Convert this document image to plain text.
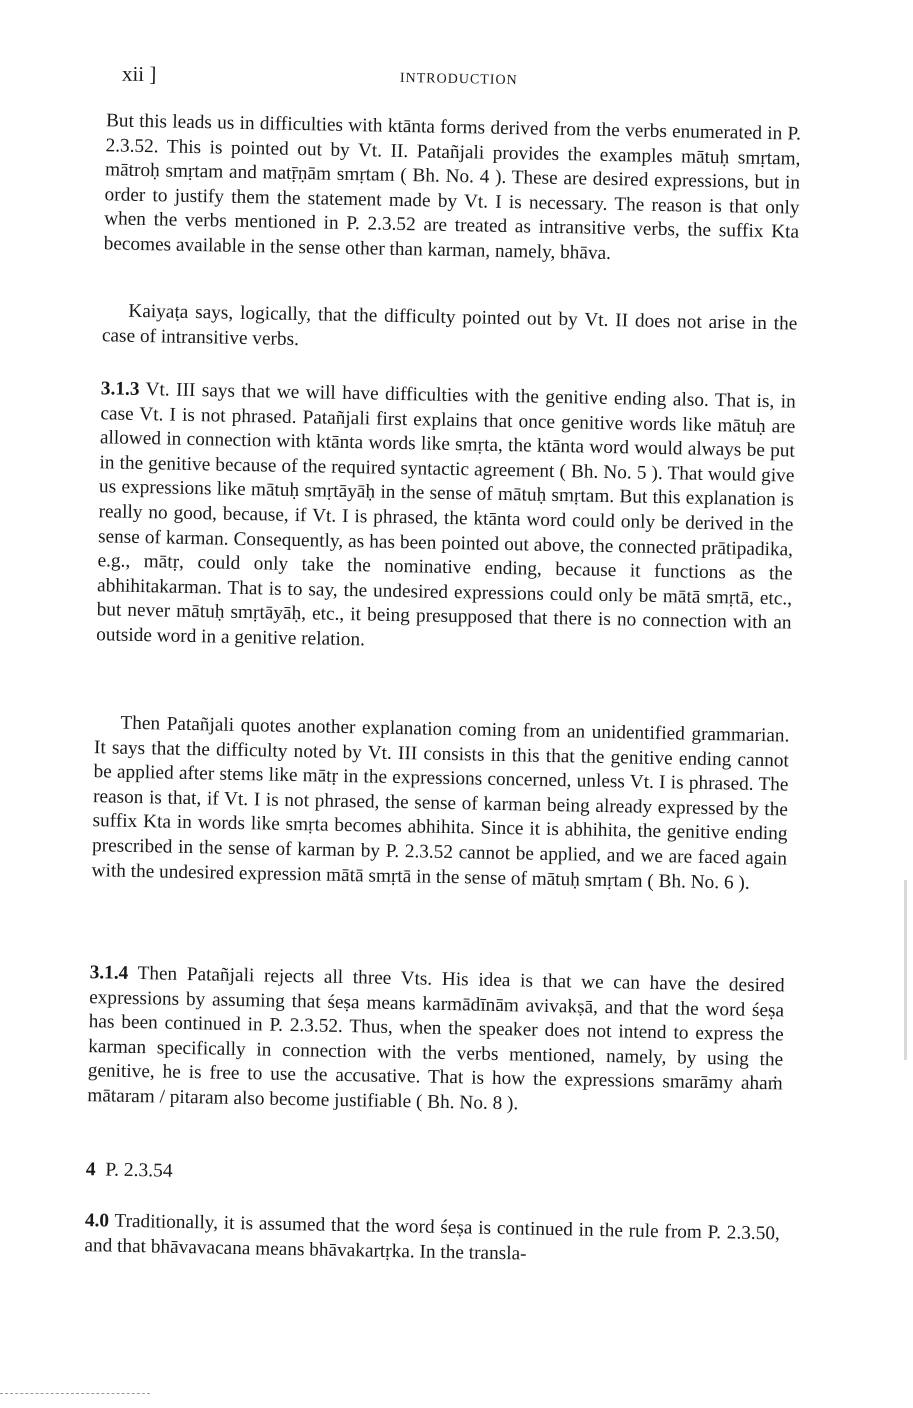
xii ]	INTRODUCTION

But this leads us in difficulties with ktānta forms derived from the verbs enumerated in P. 2.3.52. This is pointed out by Vt. II. Patañjali provides the examples mātuḥ smṛtam, mātroḥ smṛtam and matṝṇām smṛtam ( Bh. No. 4 ). These are desired expressions, but in order to justify them the statement made by Vt. I is necessary. The reason is that only when the verbs mentioned in P. 2.3.52 are treated as intransitive verbs, the suffix Kta becomes available in the sense other than karman, namely, bhāva.

Kaiyaṭa says, logically, that the difficulty pointed out by Vt. II does not arise in the case of intransitive verbs.

3.1.3 Vt. III says that we will have difficulties with the genitive ending also. That is, in case Vt. I is not phrased. Patañjali first explains that once genitive words like mātuḥ are allowed in connection with ktānta words like smṛta, the ktānta word would always be put in the genitive because of the required syntactic agreement ( Bh. No. 5 ). That would give us expressions like mātuḥ smṛtāyāḥ in the sense of mātuḥ smṛtam. But this explanation is really no good, because, if Vt. I is phrased, the ktānta word could only be derived in the sense of karman. Consequently, as has been pointed out above, the connected prātipadika, e.g., mātṛ, could only take the nominative ending, because it functions as the abhihitakarman. That is to say, the undesired expressions could only be mātā smṛtā, etc., but never mātuḥ smṛtāyāḥ, etc., it being presupposed that there is no connection with an outside word in a genitive relation.

Then Patañjali quotes another explanation coming from an unidentified grammarian. It says that the difficulty noted by Vt. III consists in this that the genitive ending cannot be applied after stems like mātṛ in the expressions concerned, unless Vt. I is phrased. The reason is that, if Vt. I is not phrased, the sense of karman being already expressed by the suffix Kta in words like smṛta becomes abhihita. Since it is abhihita, the genitive ending prescribed in the sense of karman by P. 2.3.52 cannot be applied, and we are faced again with the undesired expression mātā smṛtā in the sense of mātuḥ smṛtam ( Bh. No. 6 ).

3.1.4 Then Patañjali rejects all three Vts. His idea is that we can have the desired expressions by assuming that śeṣa means karmādīnām avivakṣā, and that the word śeṣa has been continued in P. 2.3.52. Thus, when the speaker does not intend to express the karman specifically in connection with the verbs mentioned, namely, by using the genitive, he is free to use the accusative. That is how the expressions smarāmy ahaṁ mātaram / pitaram also become justifiable ( Bh. No. 8 ).

4 P. 2.3.54

4.0 Traditionally, it is assumed that the word śeṣa is continued in the rule from P. 2.3.50, and that bhāvavacana means bhāvakartṛka. In the transla-
